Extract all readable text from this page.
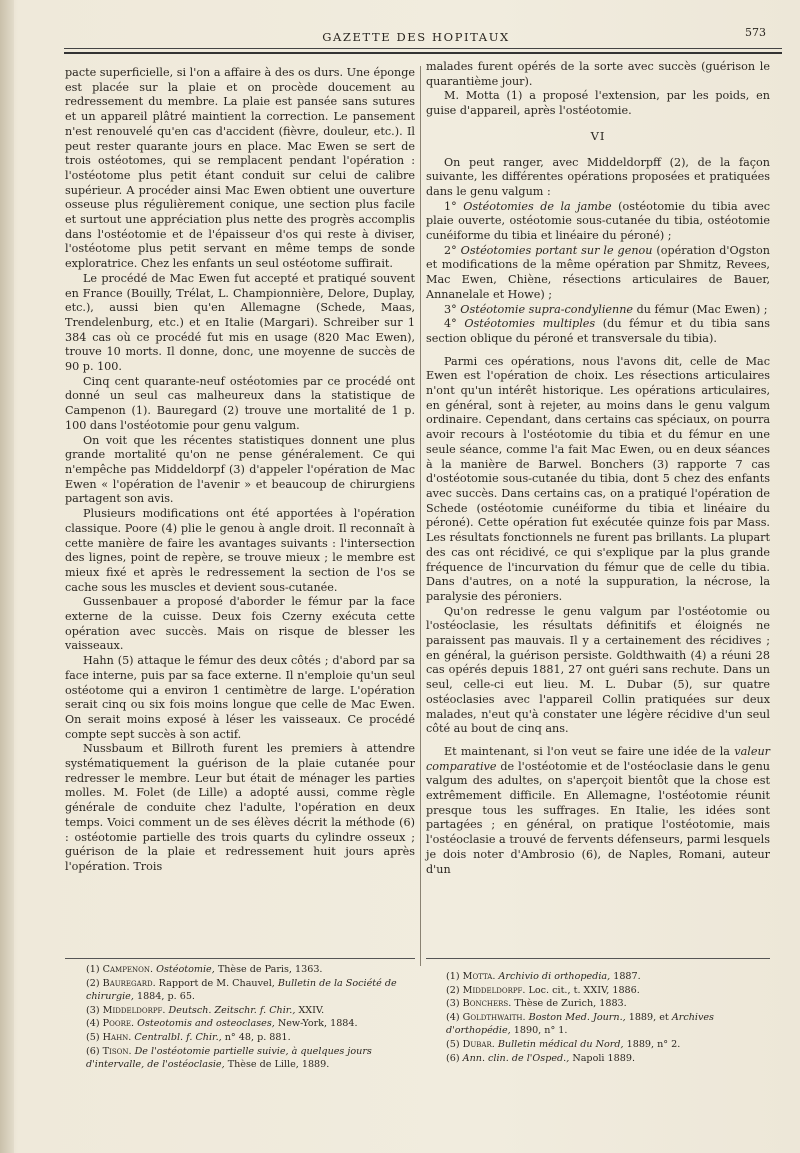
GAZETTE DES HOPITAUX	573

pacte superficielle, si l'on a affaire à des os durs. Une éponge est placée sur la plaie et on procède doucement au redressement du membre. La plaie est pansée sans sutures et un appareil plâtré maintient la correction. Le pansement n'est renouvelé qu'en cas d'accident (fièvre, douleur, etc.). Il peut rester quarante jours en place. Mac Ewen se sert de trois ostéotomes, qui se remplacent pendant l'opération : l'ostéotome plus petit étant conduit sur celui de calibre supérieur. A procéder ainsi Mac Ewen obtient une ouverture osseuse plus régulièrement conique, une section plus facile et surtout une appréciation plus nette des progrès accomplis dans l'ostéotomie et de l'épaisseur d'os qui reste à diviser, l'ostéotome plus petit servant en même temps de sonde exploratrice. Chez les enfants un seul ostéotome suffirait.

Le procédé de Mac Ewen fut accepté et pratiqué souvent en France (Bouilly, Trélat, L. Championnière, Delore, Duplay, etc.), aussi bien qu'en Allemagne (Schede, Maas, Trendelenburg, etc.) et en Italie (Margari). Schreiber sur 1 384 cas où ce procédé fut mis en usage (820 Mac Ewen), trouve 10 morts. Il donne, donc, une moyenne de succès de 90 p. 100.

Cinq cent quarante-neuf ostéotomies par ce procédé ont donné un seul cas malheureux dans la statistique de Campenon (1). Bauregard (2) trouve une mortalité de 1 p. 100 dans l'ostéotomie pour genu valgum.

On voit que les récentes statistiques donnent une plus grande mortalité qu'on ne pense généralement. Ce qui n'empêche pas Middeldorpf (3) d'appeler l'opération de Mac Ewen « l'opération de l'avenir » et beaucoup de chirurgiens partagent son avis.

Plusieurs modifications ont été apportées à l'opération classique. Poore (4) plie le genou à angle droit. Il reconnaît à cette manière de faire les avantages suivants : l'intersection des lignes, point de repère, se trouve mieux ; le membre est mieux fixé et après le redressement la section de l'os se cache sous les muscles et devient sous-cutanée.

Gussenbauer a proposé d'aborder le fémur par la face externe de la cuisse. Deux fois Czerny exécuta cette opération avec succès. Mais on risque de blesser les vaisseaux.

Hahn (5) attaque le fémur des deux côtés ; d'abord par sa face interne, puis par sa face externe. Il n'emploie qu'un seul ostéotome qui a environ 1 centimètre de large. L'opération serait cinq ou six fois moins longue que celle de Mac Ewen. On serait moins exposé à léser les vaisseaux. Ce procédé compte sept succès à son actif.

Nussbaum et Billroth furent les premiers à attendre systématiquement la guérison de la plaie cutanée pour redresser le membre. Leur but était de ménager les parties molles. M. Folet (de Lille) a adopté aussi, comme règle générale de conduite chez l'adulte, l'opération en deux temps. Voici comment un de ses élèves décrit la méthode (6) : ostéotomie partielle des trois quarts du cylindre osseux ; guérison de la plaie et redressement huit jours après l'opération. Trois

malades furent opérés de la sorte avec succès (guérison le quarantième jour).

M. Motta (1) a proposé l'extension, par les poids, en guise d'appareil, après l'ostéotomie.

VI

On peut ranger, avec Middeldorpff (2), de la façon suivante, les différentes opérations proposées et pratiquées dans le genu valgum :

1° Ostéotomies de la jambe (ostéotomie du tibia avec plaie ouverte, ostéotomie sous-cutanée du tibia, ostéotomie cunéiforme du tibia et linéaire du péroné) ;

2° Ostéotomies portant sur le genou (opération d'Ogston et modifications de la même opération par Shmitz, Revees, Mac Ewen, Chiène, résections articulaires de Bauer, Annanelale et Howe) ;

3° Ostéotomie supra-condylienne du fémur (Mac Ewen) ;

4° Ostéotomies multiples (du fémur et du tibia sans section oblique du péroné et transversale du tibia).

Parmi ces opérations, nous l'avons dit, celle de Mac Ewen est l'opération de choix. Les résections articulaires n'ont qu'un intérêt historique. Les opérations articulaires, en général, sont à rejeter, au moins dans le genu valgum ordinaire. Cependant, dans certains cas spéciaux, on pourra avoir recours à l'ostéotomie du tibia et du fémur en une seule séance, comme l'a fait Mac Ewen, ou en deux séances à la manière de Barwel. Bonchers (3) rapporte 7 cas d'ostéotomie sous-cutanée du tibia, dont 5 chez des enfants avec succès. Dans certains cas, on a pratiqué l'opération de Schede (ostéotomie cunéiforme du tibia et linéaire du péroné). Cette opération fut exécutée quinze fois par Mass. Les résultats fonctionnels ne furent pas brillants. La plupart des cas ont récidivé, ce qui s'explique par la plus grande fréquence de l'incurvation du fémur que de celle du tibia. Dans d'autres, on a noté la suppuration, la nécrose, la paralysie des péroniers.

Qu'on redresse le genu valgum par l'ostéotomie ou l'ostéoclasie, les résultats définitifs et éloignés ne paraissent pas mauvais. Il y a certainement des récidives ; en général, la guérison persiste. Goldthwaith (4) a réuni 28 cas opérés depuis 1881, 27 ont guéri sans rechute. Dans un seul, celle-ci eut lieu. M. L. Dubar (5), sur quatre ostéoclasies avec l'appareil Collin pratiquées sur deux malades, n'eut qu'à constater une légère récidive d'un seul côté au bout de cinq ans.

Et maintenant, si l'on veut se faire une idée de la valeur comparative de l'ostéotomie et de l'ostéoclasie dans le genu valgum des adultes, on s'aperçoit bientôt que la chose est extrêmement difficile. En Allemagne, l'ostéotomie réunit presque tous les suffrages. En Italie, les idées sont partagées ; en général, on pratique l'ostéotomie, mais l'ostéoclasie a trouvé de fervents défenseurs, parmi lesquels je dois noter d'Ambrosio (6), de Naples, Romani, auteur d'un

(1) Campenon. Ostéotomie, Thèse de Paris, 1363.
(2) Bauregard. Rapport de M. Chauvel, Bulletin de la Société de chirurgie, 1884, p. 65.
(3) Middeldorpf. Deutsch. Zeitschr. f. Chir., XXIV.
(4) Poore. Osteotomis and osteoclases, New-York, 1884.
(5) Hahn. Centralbl. f. Chir., n° 48, p. 881.
(6) Tison. De l'ostéotomie partielle suivie, à quelques jours d'intervalle, de l'ostéoclasie, Thèse de Lille, 1889.
(1) Motta. Archivio di orthopedia, 1887.
(2) Middeldorpf. Loc. cit., t. XXIV, 1886.
(3) Bonchers. Thèse de Zurich, 1883.
(4) Goldthwaith. Boston Med. Journ., 1889, et Archives d'orthopédie, 1890, n° 1.
(5) Dubar. Bulletin médical du Nord, 1889, n° 2.
(6) Ann. clin. de l'Osped., Napoli 1889.
